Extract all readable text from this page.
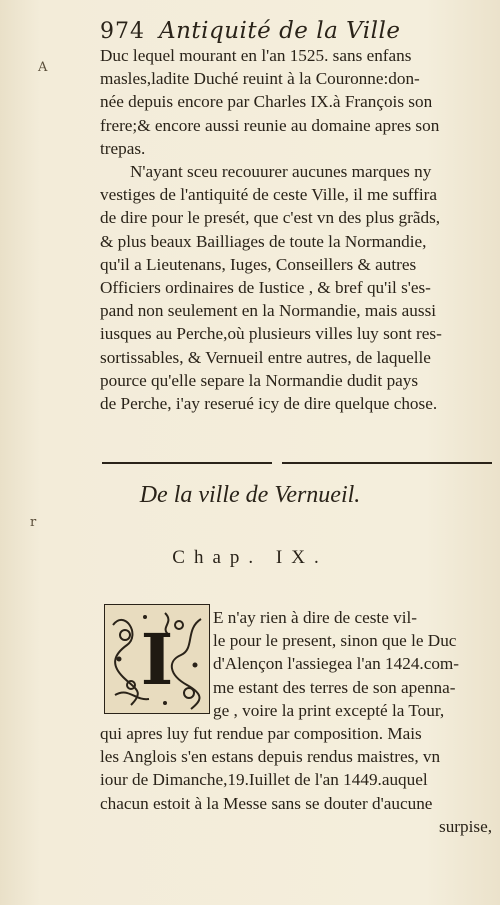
974 Antiquité de la Ville
A
r

Duc lequel mourant en l'an 1525. sans enfans
masles,ladite Duché reuint à la Couronne:don-
née depuis encore par Charles IX.à François son
frere;& encore aussi reunie au domaine apres son
trepas.

N'ayant sceu recouurer aucunes marques ny
vestiges de l'antiquité de ceste Ville, il me suffira
de dire pour le presét, que c'est vn des plus grãds,
& plus beaux Bailliages de toute la Normandie,
qu'il a Lieutenans, Iuges, Conseillers & autres
Officiers ordinaires de Iustice , & bref qu'il s'es-
pand non seulement en la Normandie, mais aussi
iusques au Perche,où plusieurs villes luy sont res-
sortissables, & Vernueil entre autres, de laquelle
pource qu'elle separe la Normandie dudit pays
de Perche, i'ay reserué icy de dire quelque chose.

De la ville de Vernueil.
Chap. IX.
I	E n'ay rien à dire de ceste vil-
le pour le present, sinon que le Duc
d'Alençon l'assiegea l'an 1424.com-
me estant des terres de son apenna-
ge , voire la print excepté la Tour,

qui apres luy fut rendue par composition. Mais
les Anglois s'en estans depuis rendus maistres, vn
iour de Dimanche,19.Iuillet de l'an 1449.auquel
chacun estoit à la Messe sans se douter d'aucune
surpise,
